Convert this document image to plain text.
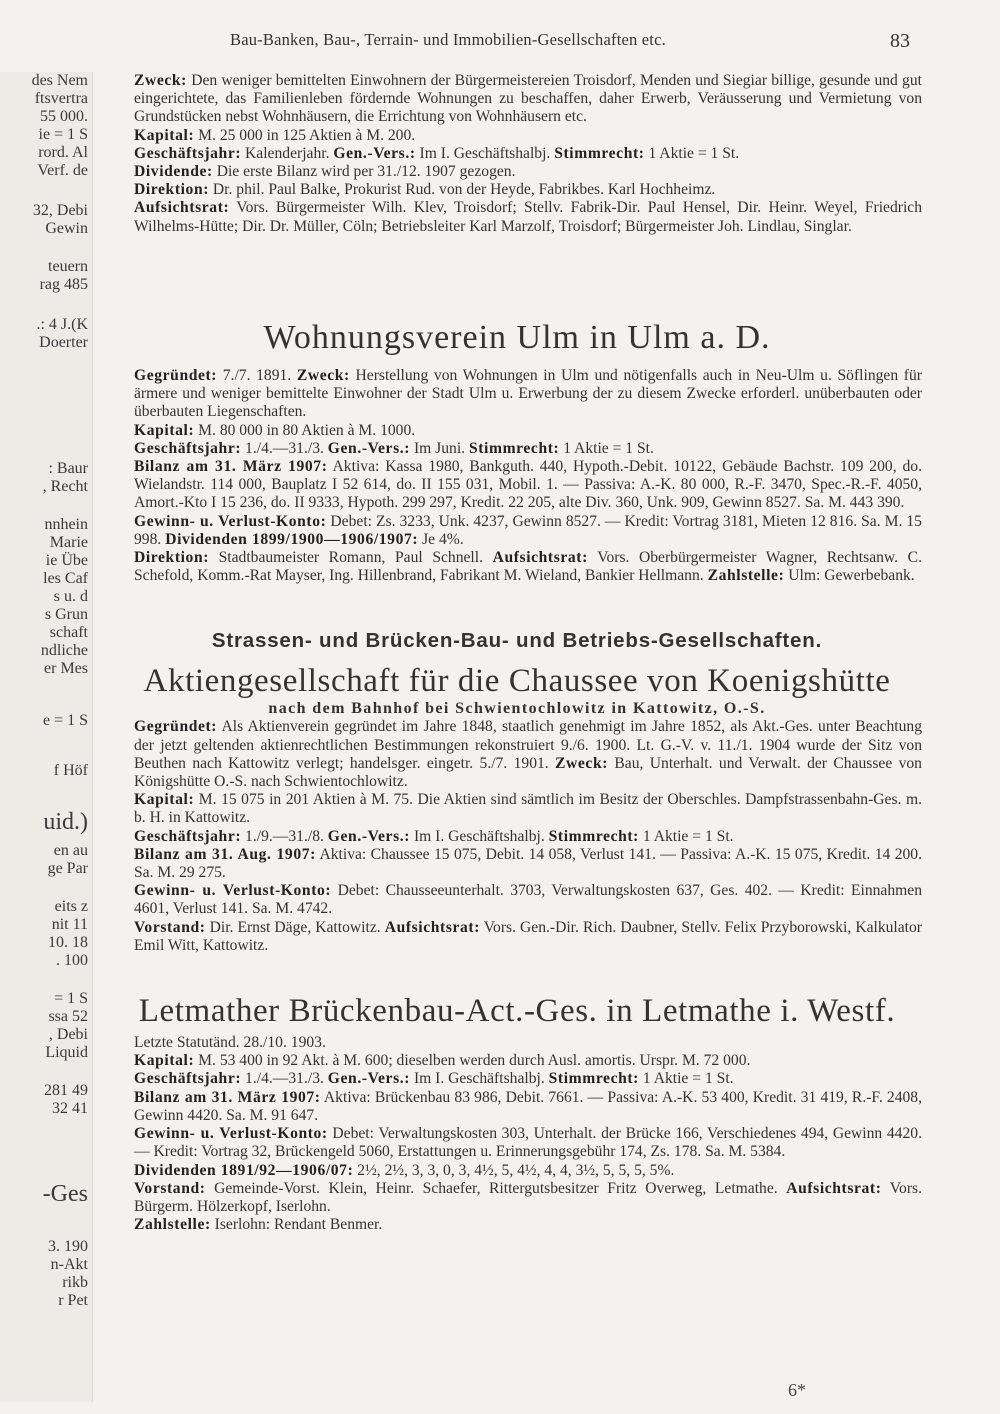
Bau-Banken, Bau-, Terrain- und Immobilien-Gesellschaften etc.	83
des Nem
ftsvertra
55 000.
ie = 1 S
rord. Al
Verf. de
32, Debi
Gewin
teuern
rag 485
.: 4 J.(K
Doerter
: Baur
, Recht
nnhein
Marie
ie Übe
les Caf
s u. d
s Grun
schaft
ndliche
er Mes
e = 1 S
f Höf
uid.)
en au
ge Par
eits z
nit 11
10. 18
. 100
= 1 S
ssa 52
, Debi
Liquid
281 49
32 41
-Ges
3. 190
n-Akt
rikb
r Pet

Zweck: Den weniger bemittelten Einwohnern der Bürgermeistereien Troisdorf, Menden und Siegiar billige, gesunde und gut eingerichtete, das Familienleben fördernde Wohnungen zu beschaffen, daher Erwerb, Veräusserung und Vermietung von Grundstücken nebst Wohnhäusern, die Errichtung von Wohnhäusern etc.

Kapital: M. 25 000 in 125 Aktien à M. 200.

Geschäftsjahr: Kalenderjahr. Gen.-Vers.: Im I. Geschäftshalbj. Stimmrecht: 1 Aktie = 1 St.

Dividende: Die erste Bilanz wird per 31./12. 1907 gezogen.

Direktion: Dr. phil. Paul Balke, Prokurist Rud. von der Heyde, Fabrikbes. Karl Hochheimz.

Aufsichtsrat: Vors. Bürgermeister Wilh. Klev, Troisdorf; Stellv. Fabrik-Dir. Paul Hensel, Dir. Heinr. Weyel, Friedrich Wilhelms-Hütte; Dir. Dr. Müller, Cöln; Betriebsleiter Karl Marzolf, Troisdorf; Bürgermeister Joh. Lindlau, Singlar.

Wohnungsverein Ulm in Ulm a. D.

Gegründet: 7./7. 1891. Zweck: Herstellung von Wohnungen in Ulm und nötigenfalls auch in Neu-Ulm u. Söflingen für ärmere und weniger bemittelte Einwohner der Stadt Ulm u. Erwerbung der zu diesem Zwecke erforderl. unüberbauten oder überbauten Liegenschaften.

Kapital: M. 80 000 in 80 Aktien à M. 1000.

Geschäftsjahr: 1./4.—31./3. Gen.-Vers.: Im Juni. Stimmrecht: 1 Aktie = 1 St.

Bilanz am 31. März 1907: Aktiva: Kassa 1980, Bankguth. 440, Hypoth.-Debit. 10122, Gebäude Bachstr. 109 200, do. Wielandstr. 114 000, Bauplatz I 52 614, do. II 155 031, Mobil. 1. — Passiva: A.-K. 80 000, R.-F. 3470, Spec.-R.-F. 4050, Amort.-Kto I 15 236, do. II 9333, Hypoth. 299 297, Kredit. 22 205, alte Div. 360, Unk. 909, Gewinn 8527. Sa. M. 443 390.

Gewinn- u. Verlust-Konto: Debet: Zs. 3233, Unk. 4237, Gewinn 8527. — Kredit: Vortrag 3181, Mieten 12 816. Sa. M. 15 998. Dividenden 1899/1900—1906/1907: Je 4%.

Direktion: Stadtbaumeister Romann, Paul Schnell. Aufsichtsrat: Vors. Oberbürgermeister Wagner, Rechtsanw. C. Schefold, Komm.-Rat Mayser, Ing. Hillenbrand, Fabrikant M. Wieland, Bankier Hellmann. Zahlstelle: Ulm: Gewerbebank.

Strassen- und Brücken-Bau- und Betriebs-Gesellschaften.
Aktiengesellschaft für die Chaussee von Koenigshütte
nach dem Bahnhof bei Schwientochlowitz in Kattowitz, O.-S.

Gegründet: Als Aktienverein gegründet im Jahre 1848, staatlich genehmigt im Jahre 1852, als Akt.-Ges. unter Beachtung der jetzt geltenden aktienrechtlichen Bestimmungen rekonstruiert 9./6. 1900. Lt. G.-V. v. 11./1. 1904 wurde der Sitz von Beuthen nach Kattowitz verlegt; handelsger. eingetr. 5./7. 1901. Zweck: Bau, Unterhalt. und Verwalt. der Chaussee von Königshütte O.-S. nach Schwientochlowitz.

Kapital: M. 15 075 in 201 Aktien à M. 75. Die Aktien sind sämtlich im Besitz der Oberschles. Dampfstrassenbahn-Ges. m. b. H. in Kattowitz.

Geschäftsjahr: 1./9.—31./8. Gen.-Vers.: Im I. Geschäftshalbj. Stimmrecht: 1 Aktie = 1 St.

Bilanz am 31. Aug. 1907: Aktiva: Chaussee 15 075, Debit. 14 058, Verlust 141. — Passiva: A.-K. 15 075, Kredit. 14 200. Sa. M. 29 275.

Gewinn- u. Verlust-Konto: Debet: Chausseeunterhalt. 3703, Verwaltungskosten 637, Ges. 402. — Kredit: Einnahmen 4601, Verlust 141. Sa. M. 4742.

Vorstand: Dir. Ernst Däge, Kattowitz. Aufsichtsrat: Vors. Gen.-Dir. Rich. Daubner, Stellv. Felix Przyborowski, Kalkulator Emil Witt, Kattowitz.

Letmather Brückenbau-Act.-Ges. in Letmathe i. Westf.

Letzte Statutänd. 28./10. 1903.

Kapital: M. 53 400 in 92 Akt. à M. 600; dieselben werden durch Ausl. amortis. Urspr. M. 72 000.

Geschäftsjahr: 1./4.—31./3. Gen.-Vers.: Im I. Geschäftshalbj. Stimmrecht: 1 Aktie = 1 St.

Bilanz am 31. März 1907: Aktiva: Brückenbau 83 986, Debit. 7661. — Passiva: A.-K. 53 400, Kredit. 31 419, R.-F. 2408, Gewinn 4420. Sa. M. 91 647.

Gewinn- u. Verlust-Konto: Debet: Verwaltungskosten 303, Unterhalt. der Brücke 166, Verschiedenes 494, Gewinn 4420. — Kredit: Vortrag 32, Brückengeld 5060, Erstattungen u. Erinnerungsgebühr 174, Zs. 178. Sa. M. 5384.

Dividenden 1891/92—1906/07: 2½, 2½, 3, 3, 0, 3, 4½, 5, 4½, 4, 4, 3½, 5, 5, 5, 5%.

Vorstand: Gemeinde-Vorst. Klein, Heinr. Schaefer, Rittergutsbesitzer Fritz Overweg, Letmathe. Aufsichtsrat: Vors. Bürgerm. Hölzerkopf, Iserlohn.

Zahlstelle: Iserlohn: Rendant Benmer.

6*
